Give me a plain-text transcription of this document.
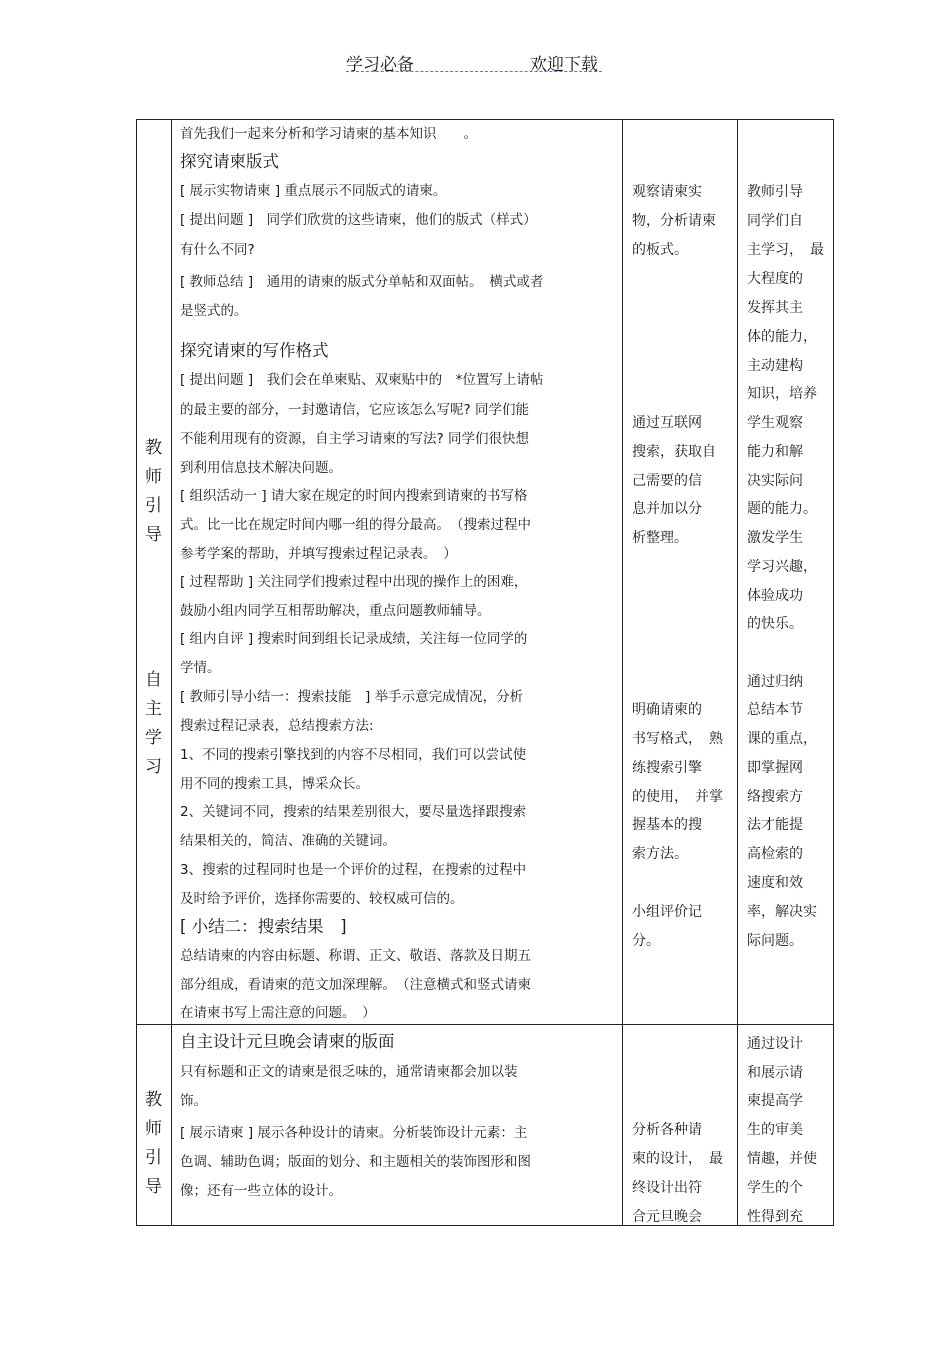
学习必备	欢迎下载
教
师
引
导
自
主
学
习
首先我们一起来分析和学习请柬的基本知识　　。
探究请柬版式
[ 展示实物请柬 ] 重点展示不同版式的请柬。
[ 提出问题 ]　同学们欣赏的这些请柬，他们的版式（样式）
有什么不同?
[ 教师总结 ]　通用的请柬的版式分单帖和双面帖。　横式或者
是竖式的。
探究请柬的写作格式
[ 提出问题 ]　我们会在单柬贴、双柬贴中的　*位置写上请帖
的最主要的部分，一封邀请信，它应该怎么写呢? 同学们能
不能利用现有的资源，自主学习请柬的写法? 同学们很快想
到利用信息技术解决问题。
[ 组织活动一 ] 请大家在规定的时间内搜索到请柬的书写格
式。比一比在规定时间内哪一组的得分最高。　（搜索过程中
参考学案的帮助，并填写搜索过程记录表。　）
[ 过程帮助 ] 关注同学们搜索过程中出现的操作上的困难，
鼓励小组内同学互相帮助解决，重点问题教师辅导。
[ 组内自评 ] 搜索时间到组长记录成绩，关注每一位同学的
学情。
[ 教师引导小结一：搜索技能　] 举手示意完成情况，分析
搜索过程记录表，总结搜索方法:
1、不同的搜索引擎找到的内容不尽相同，我们可以尝试使
用不同的搜索工具，博采众长。
2、关键词不同，搜索的结果差别很大，要尽量选择跟搜索
结果相关的，简洁、准确的关键词。
3、搜索的过程同时也是一个评价的过程，在搜索的过程中
及时给予评价，选择你需要的、较权威可信的。
[ 小结二：搜索结果　]
总结请柬的内容由标题、称谓、正文、敬语、落款及日期五
部分组成，看请柬的范文加深理解。　（注意横式和竖式请柬
在请柬书写上需注意的问题。　）
观察请柬实
物，分析请柬
的板式。
通过互联网
搜索，获取自
己需要的信
息并加以分
析整理。
明确请柬的
书写格式，　熟
练搜索引擎
的使用，　并掌
握基本的搜
索方法。
小组评价记
分。
教师引导
同学们自
主学习，　最
大程度的
发挥其主
体的能力，
主动建构
知识，培养
学生观察
能力和解
决实际问
题的能力。
激发学生
学习兴趣，
体验成功
的快乐。
通过归纳
总结本节
课的重点，
即掌握网
络搜索方
法才能提
高检索的
速度和效
率，解决实
际问题。
教
师
引
导
自主设计元旦晚会请柬的版面
只有标题和正文的请柬是很乏味的，通常请柬都会加以装
饰。
[ 展示请柬 ] 展示各种设计的请柬。分析装饰设计元素：主
色调、辅助色调；版面的划分、和主题相关的装饰图形和图
像；还有一些立体的设计。
分析各种请
柬的设计，　最
终设计出符
合元旦晚会
通过设计
和展示请
柬提高学
生的审美
情趣，并使
学生的个
性得到充
